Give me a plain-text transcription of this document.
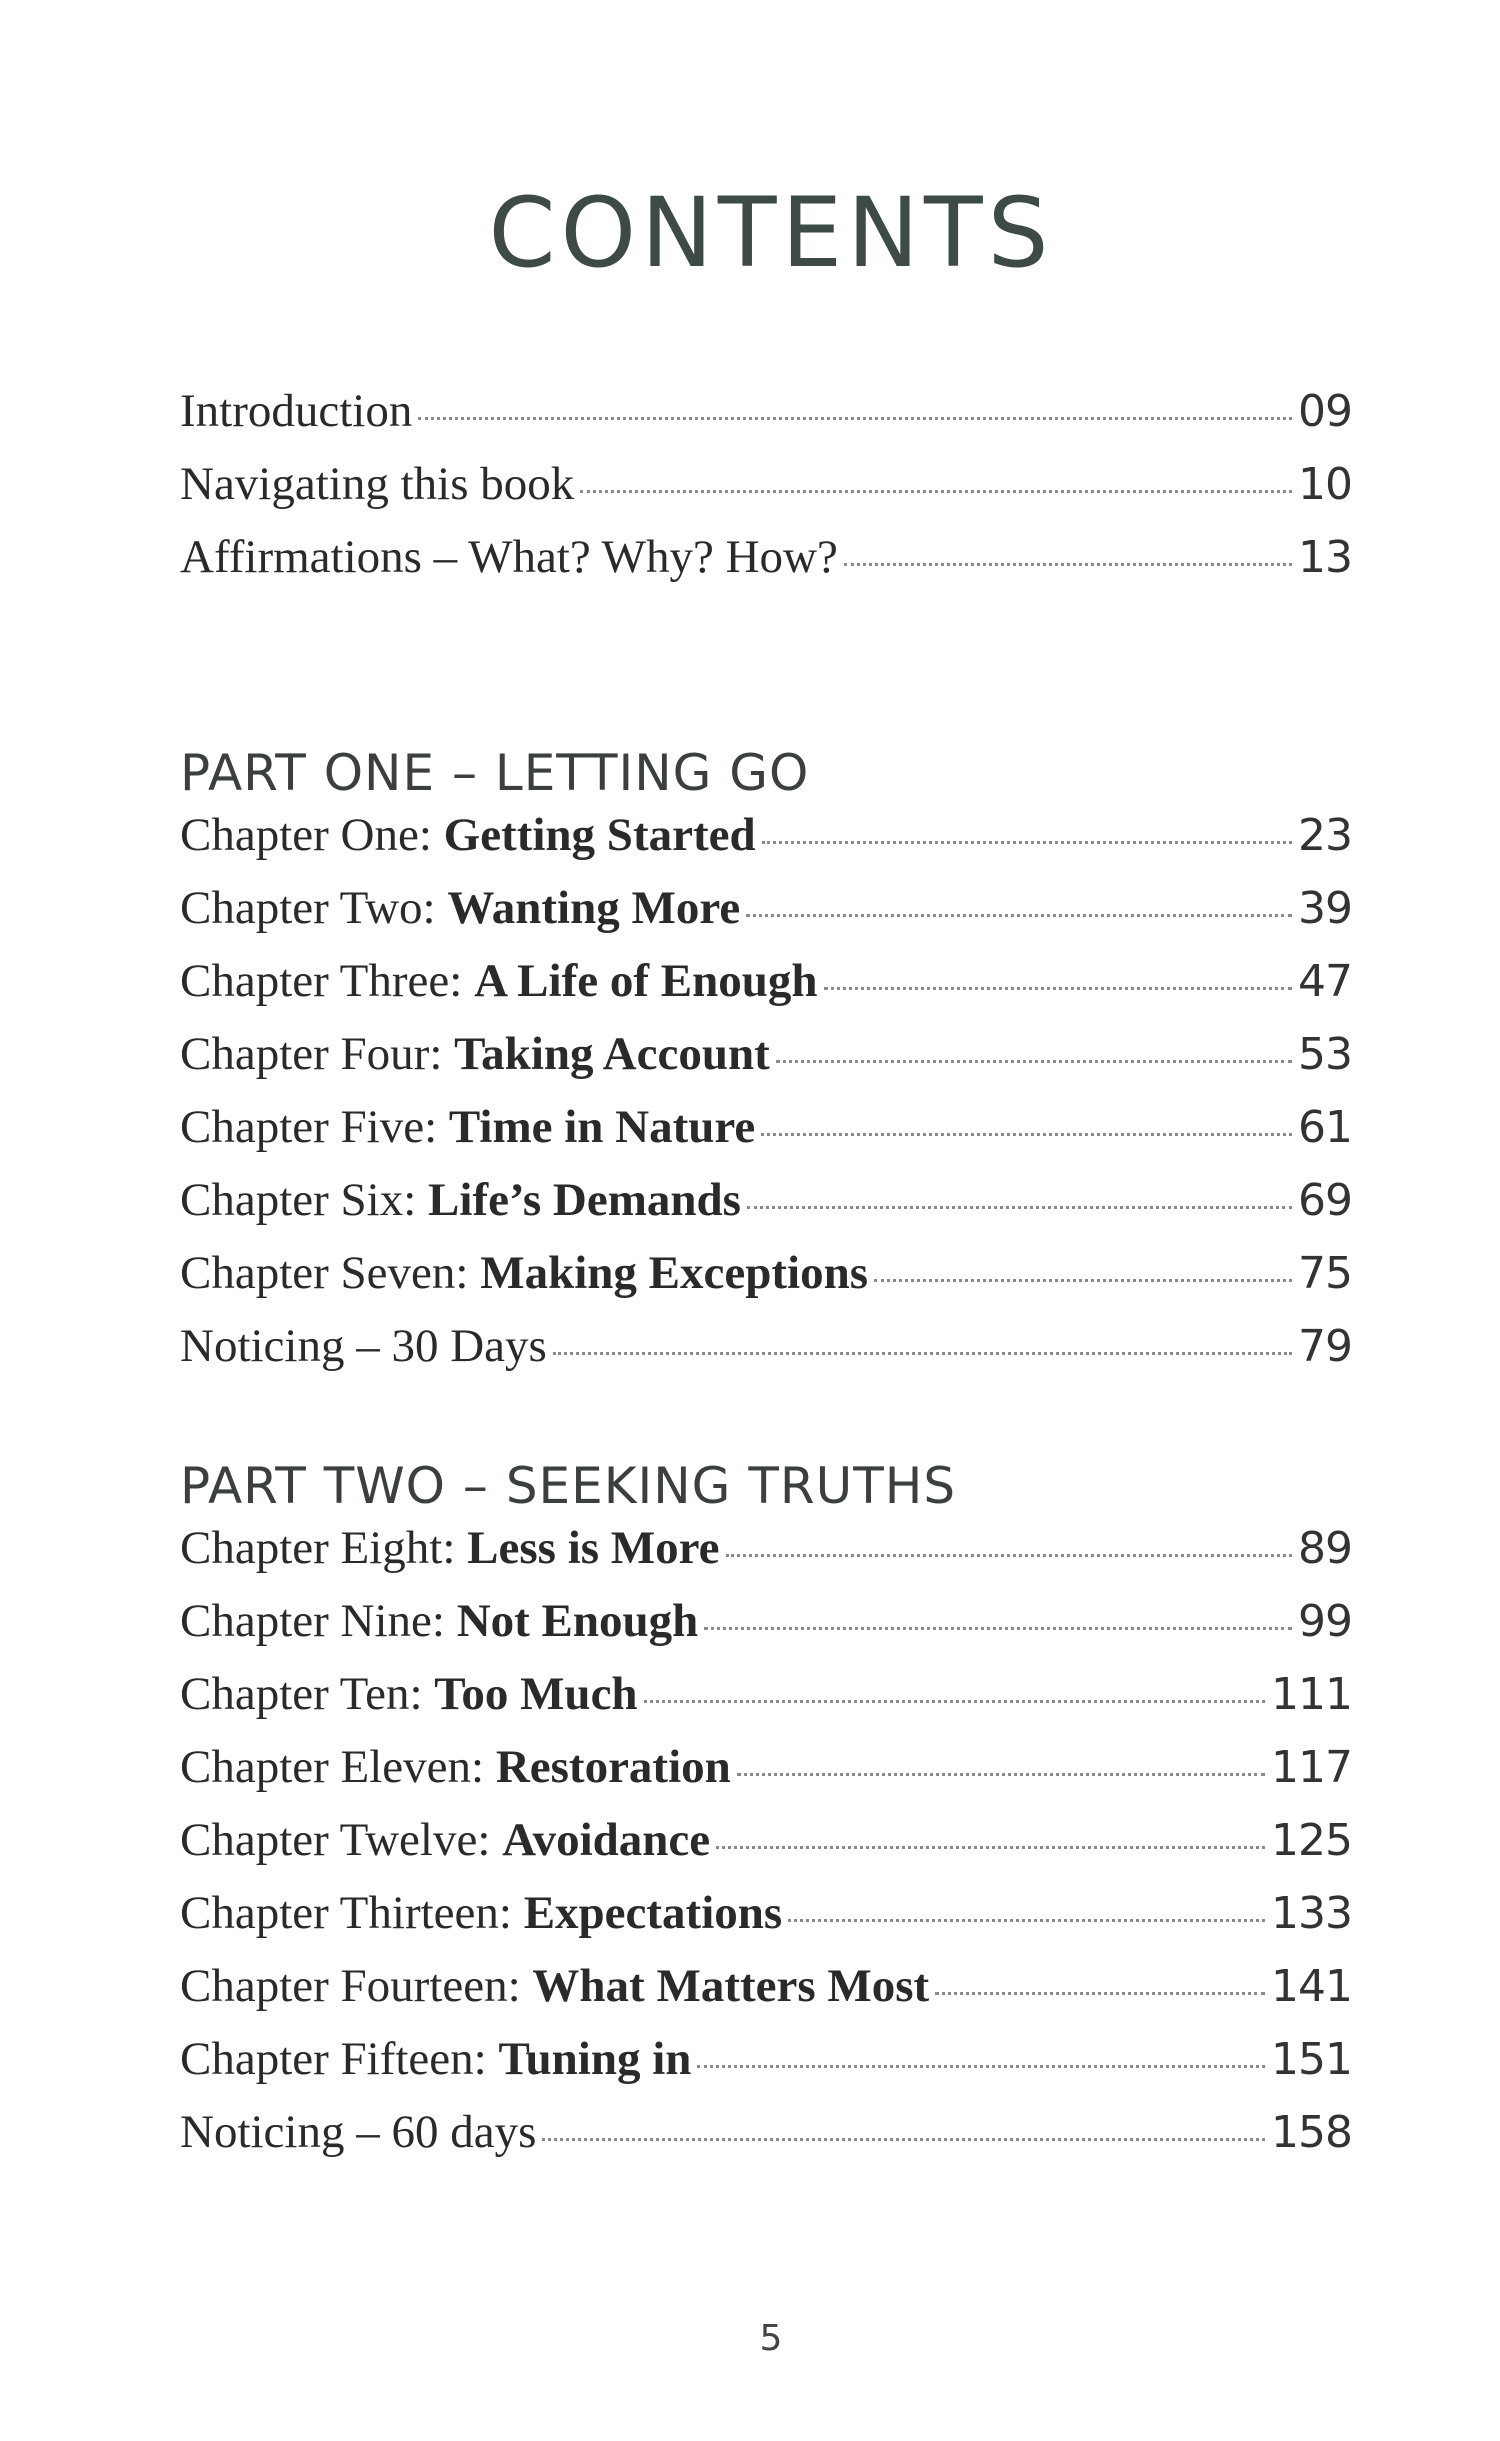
CONTENTS
Introduction	09
Navigating this book	10
Affirmations – What? Why? How?	13
PART ONE – LETTING GO
Chapter One: Getting Started	23
Chapter Two: Wanting More	39
Chapter Three: A Life of Enough	47
Chapter Four: Taking Account	53
Chapter Five: Time in Nature	61
Chapter Six: Life’s Demands	69
Chapter Seven: Making Exceptions	75
Noticing – 30 Days	79
PART TWO – SEEKING TRUTHS
Chapter Eight: Less is More	89
Chapter Nine: Not Enough	99
Chapter Ten: Too Much	111
Chapter Eleven: Restoration	117
Chapter Twelve: Avoidance	125
Chapter Thirteen: Expectations	133
Chapter Fourteen: What Matters Most	141
Chapter Fifteen: Tuning in	151
Noticing – 60 days	158
5
